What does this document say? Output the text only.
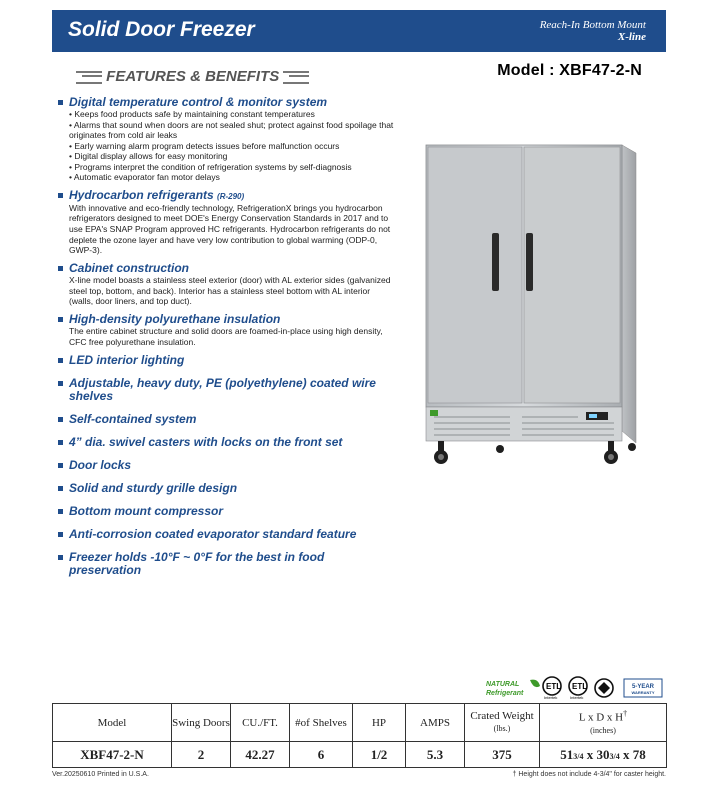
Solid Door Freezer	Reach-In Bottom Mount
X-line
FEATURES & BENEFITS	Model : XBF47-2-N
Digital temperature control & monitor system
• Keeps food products safe by maintaining constant temperatures
• Alarms that sound when doors are not sealed shut; protect against food spoilage that originates from cold air leaks
• Early warning alarm program detects issues before malfunction occurs
• Digital display allows for easy monitoring
• Programs interpret the condition of refrigeration systems by self-diagnosis
• Automatic evaporator fan motor delays
Hydrocarbon refrigerants (R-290)
With innovative and eco-friendly technology, RefrigerationX brings you hydrocarbon refrigerators designed to meet DOE's Energy Conservation Standards in 2017 and to use EPA's SNAP Program approved HC refrigerants. Hydrocarbon refrigerants do not deplete the ozone layer and have very low contribution to global warming (ODP-0, GWP-3).
Cabinet construction
X-line model boasts a stainless steel exterior (door) with AL exterior sides (galvanized steel top, bottom, and back). Interior has a stainless steel bottom with AL interior (walls, door liners, and top duct).
High-density polyurethane insulation
The entire cabinet structure and solid doors are foamed-in-place using high density, CFC free polyurethane insulation.
LED interior lighting
Adjustable, heavy duty, PE (polyethylene) coated wire shelves
Self-contained system
4” dia. swivel casters with locks on the front set
Door locks
Solid and sturdy grille design
Bottom mount compressor
Anti-corrosion coated evaporator standard feature
Freezer holds -10°F ~ 0°F for the best in food preservation
NATURAL
Refrigerant
ETL
Intertek
ETL
Intertek
5-YEAR
WARRANTY
Model	Swing Doors	CU./FT.	#of Shelves	HP	AMPS	Crated Weight (lbs.)	L x D x H†
(inches)
XBF47-2-N	2	42.27	6	1/2	5.3	375	513/4 x 303/4 x 78
Ver.20250610 Printed in U.S.A.	† Height does not include 4-3/4" for caster height.
